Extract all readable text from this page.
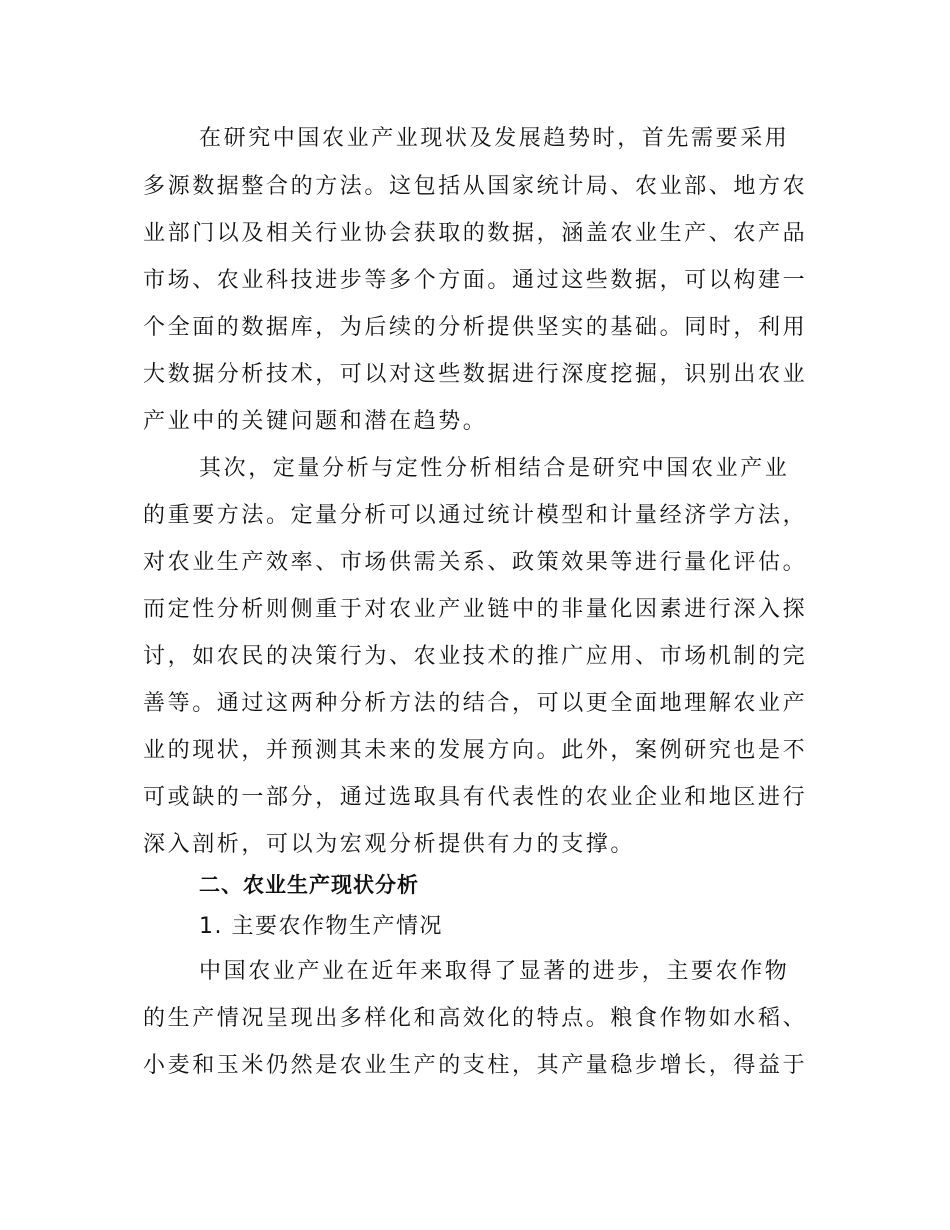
在研究中国农业产业现状及发展趋势时，首先需要采用
多源数据整合的方法。这包括从国家统计局、农业部、地方农
业部门以及相关行业协会获取的数据，涵盖农业生产、农产品
市场、农业科技进步等多个方面。通过这些数据，可以构建一
个全面的数据库，为后续的分析提供坚实的基础。同时，利用
大数据分析技术，可以对这些数据进行深度挖掘，识别出农业
产业中的关键问题和潜在趋势。
其次，定量分析与定性分析相结合是研究中国农业产业
的重要方法。定量分析可以通过统计模型和计量经济学方法，
对农业生产效率、市场供需关系、政策效果等进行量化评估。
而定性分析则侧重于对农业产业链中的非量化因素进行深入探
讨，如农民的决策行为、农业技术的推广应用、市场机制的完
善等。通过这两种分析方法的结合，可以更全面地理解农业产
业的现状，并预测其未来的发展方向。此外，案例研究也是不
可或缺的一部分，通过选取具有代表性的农业企业和地区进行
深入剖析，可以为宏观分析提供有力的支撑。
二、农业生产现状分析
1. 主要农作物生产情况
中国农业产业在近年来取得了显著的进步，主要农作物
的生产情况呈现出多样化和高效化的特点。粮食作物如水稻、
小麦和玉米仍然是农业生产的支柱，其产量稳步增长，得益于
